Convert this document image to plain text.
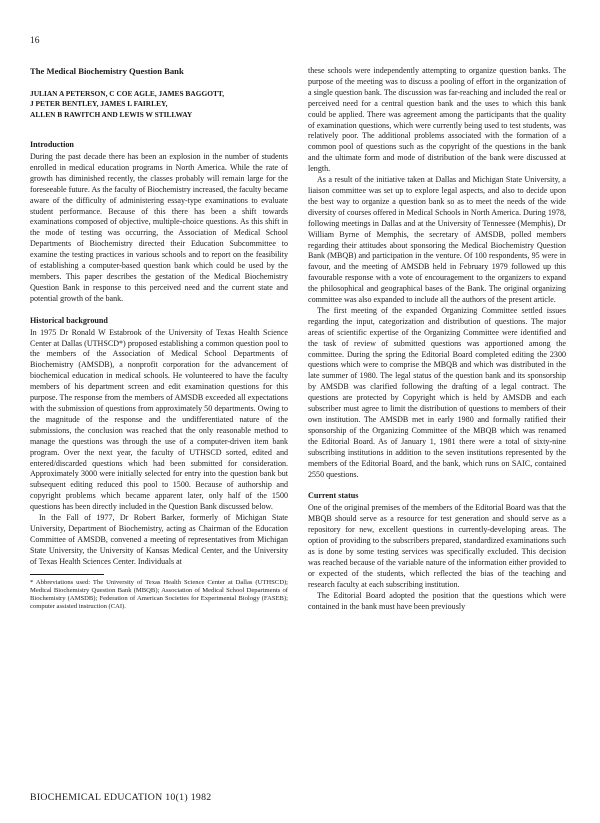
16
The Medical Biochemistry Question Bank
JULIAN A PETERSON, C COE AGLE, JAMES BAGGOTT,
J PETER BENTLEY, JAMES L FAIRLEY,
ALLEN B RAWITCH AND LEWIS W STILLWAY
Introduction

During the past decade there has been an explosion in the number of students enrolled in medical education programs in North America. While the rate of growth has diminished recently, the classes probably will remain large for the foreseeable future. As the faculty of Biochemistry increased, the faculty became aware of the difficulty of administering essay-type examinations to evaluate student performance. Because of this there has been a shift towards examinations composed of objective, multiple-choice questions. As this shift in the mode of testing was occurring, the Association of Medical School Departments of Biochemistry directed their Education Subcommittee to examine the testing practices in various schools and to report on the feasibility of establishing a computer-based question bank which could be used by the members. This paper describes the gestation of the Medical Biochemistry Question Bank in response to this perceived need and the current state and potential growth of the bank.

Historical background

In 1975 Dr Ronald W Estabrook of the University of Texas Health Science Center at Dallas (UTHSCD*) proposed establishing a common question pool to the members of the Association of Medical School Departments of Biochemistry (AMSDB), a nonprofit corporation for the advancement of biochemical education in medical schools. He volunteered to have the faculty members of his department screen and edit examination questions for this purpose. The response from the members of AMSDB exceeded all expectations with the submission of questions from approximately 50 departments. Owing to the magnitude of the response and the undifferentiated nature of the submissions, the conclusion was reached that the only reasonable method to manage the questions was through the use of a computer-driven item bank program. Over the next year, the faculty of UTHSCD sorted, edited and entered/discarded questions which had been submitted for consideration. Approximately 3000 were initially selected for entry into the question bank but subsequent editing reduced this pool to 1500. Because of authorship and copyright problems which became apparent later, only half of the 1500 questions has been directly included in the Question Bank discussed below.

In the Fall of 1977, Dr Robert Barker, formerly of Michigan State University, Department of Biochemistry, acting as Chairman of the Education Committee of AMSDB, convened a meeting of representatives from Michigan State University, the University of Kansas Medical Center, and the University of Texas Health Sciences Center. Individuals at

* Abbreviations used: The University of Texas Health Science Center at Dallas (UTHSCD); Medical Biochemistry Question Bank (MBQB); Association of Medical School Departments of Biochemistry (AMSDB); Federation of American Societies for Experimental Biology (FASEB); computer assisted instruction (CAI).

these schools were independently attempting to organize question banks. The purpose of the meeting was to discuss a pooling of effort in the organization of a single question bank. The discussion was far-reaching and included the real or perceived need for a central question bank and the uses to which this bank could be applied. There was agreement among the participants that the quality of examination questions, which were currently being used to test students, was relatively poor. The additional problems associated with the formation of a common pool of questions such as the copyright of the questions in the bank and the ultimate form and mode of distribution of the bank were discussed at length.

As a result of the initiative taken at Dallas and Michigan State University, a liaison committee was set up to explore legal aspects, and also to decide upon the best way to organize a question bank so as to meet the needs of the wide diversity of courses offered in Medical Schools in North America. During 1978, following meetings in Dallas and at the University of Tennessee (Memphis), Dr William Byrne of Memphis, the secretary of AMSDB, polled members regarding their attitudes about sponsoring the Medical Biochemistry Question Bank (MBQB) and participation in the venture. Of 100 respondents, 95 were in favour, and the meeting of AMSDB held in February 1979 followed up this favourable response with a vote of encouragement to the organizers to expand the philosophical and geographical bases of the Bank. The original organizing committee was also expanded to include all the authors of the present article.

The first meeting of the expanded Organizing Committee settled issues regarding the input, categorization and distribution of questions. The major areas of scientific expertise of the Organizing Committee were identified and the task of review of submitted questions was apportioned among the committee. During the spring the Editorial Board completed editing the 2300 questions which were to comprise the MBQB and which was distributed in the late summer of 1980. The legal status of the question bank and its sponsorship by AMSDB was clarified following the drafting of a legal contract. The questions are protected by Copyright which is held by AMSDB and each subscriber must agree to limit the distribution of questions to members of their own institution. The AMSDB met in early 1980 and formally ratified their sponsorship of the Organizing Committee of the MBQB which was renamed the Editorial Board. As of January 1, 1981 there were a total of sixty-nine subscribing institutions in addition to the seven institutions represented by the members of the Editorial Board, and the bank, which runs on SAIC, contained 2550 questions.

Current status

One of the original premises of the members of the Editorial Board was that the MBQB should serve as a resource for test generation and should serve as a repository for new, excellent questions in currently-developing areas. The option of providing to the subscribers prepared, standardized examinations such as is done by some testing services was specifically excluded. This decision was reached because of the variable nature of the information either provided to or expected of the students, which reflected the bias of the teaching and research faculty at each subscribing institution.

The Editorial Board adopted the position that the questions which were contained in the bank must have been previously

BIOCHEMICAL EDUCATION 10(1) 1982
